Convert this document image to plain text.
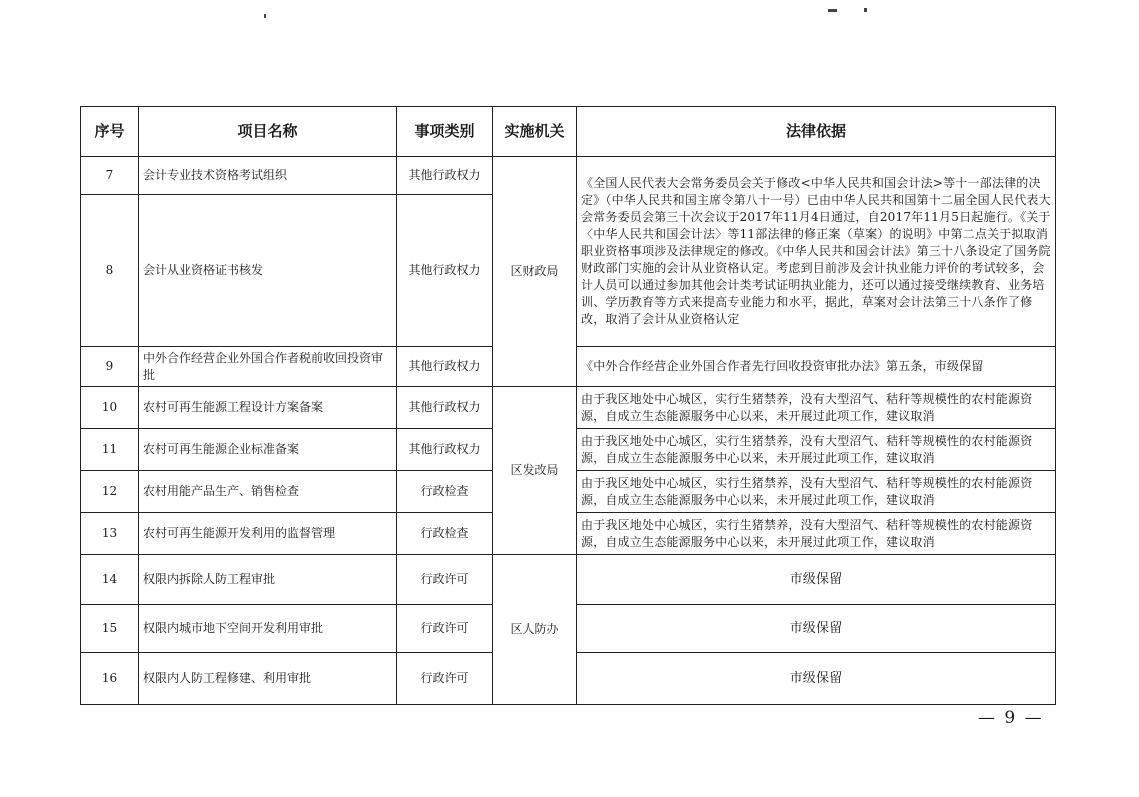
序号	项目名称	事项类别	实施机关	法律依据
7	会计专业技术资格考试组织	其他行政权力	区财政局	《全国人民代表大会常务委员会关于修改<中华人民共和国会计法>等十一部法律的决定》（中华人民共和国主席令第八十一号）已由中华人民共和国第十二届全国人民代表大会常务委员会第三十次会议于2017年11月4日通过，自2017年11月5日起施行。《关于〈中华人民共和国会计法〉等11部法律的修正案（草案）的说明》中第二点关于拟取消职业资格事项涉及法律规定的修改。《中华人民共和国会计法》第三十八条设定了国务院财政部门实施的会计从业资格认定。考虑到目前涉及会计执业能力评价的考试较多，会计人员可以通过参加其他会计类考试证明执业能力，还可以通过接受继续教育、业务培训、学历教育等方式来提高专业能力和水平，据此，草案对会计法第三十八条作了修改，取消了会计从业资格认定
8	会计从业资格证书核发	其他行政权力		
9	中外合作经营企业外国合作者税前收回投资审批	其他行政权力		《中外合作经营企业外国合作者先行回收投资审批办法》第五条，市级保留
10	农村可再生能源工程设计方案备案	其他行政权力	区发改局	由于我区地处中心城区，实行生猪禁养，没有大型沼气、秸秆等规模性的农村能源资源，自成立生态能源服务中心以来，未开展过此项工作，建议取消
11	农村可再生能源企业标准备案	其他行政权力		由于我区地处中心城区，实行生猪禁养，没有大型沼气、秸秆等规模性的农村能源资源，自成立生态能源服务中心以来，未开展过此项工作，建议取消
12	农村用能产品生产、销售检查	行政检查		由于我区地处中心城区，实行生猪禁养，没有大型沼气、秸秆等规模性的农村能源资源，自成立生态能源服务中心以来，未开展过此项工作，建议取消
13	农村可再生能源开发利用的监督管理	行政检查		由于我区地处中心城区，实行生猪禁养，没有大型沼气、秸秆等规模性的农村能源资源，自成立生态能源服务中心以来，未开展过此项工作，建议取消
14	权限内拆除人防工程审批	行政许可	区人防办	市级保留
15	权限内城市地下空间开发利用审批	行政许可		市级保留
16	权限内人防工程修建、利用审批	行政许可		市级保留
— 9 —
